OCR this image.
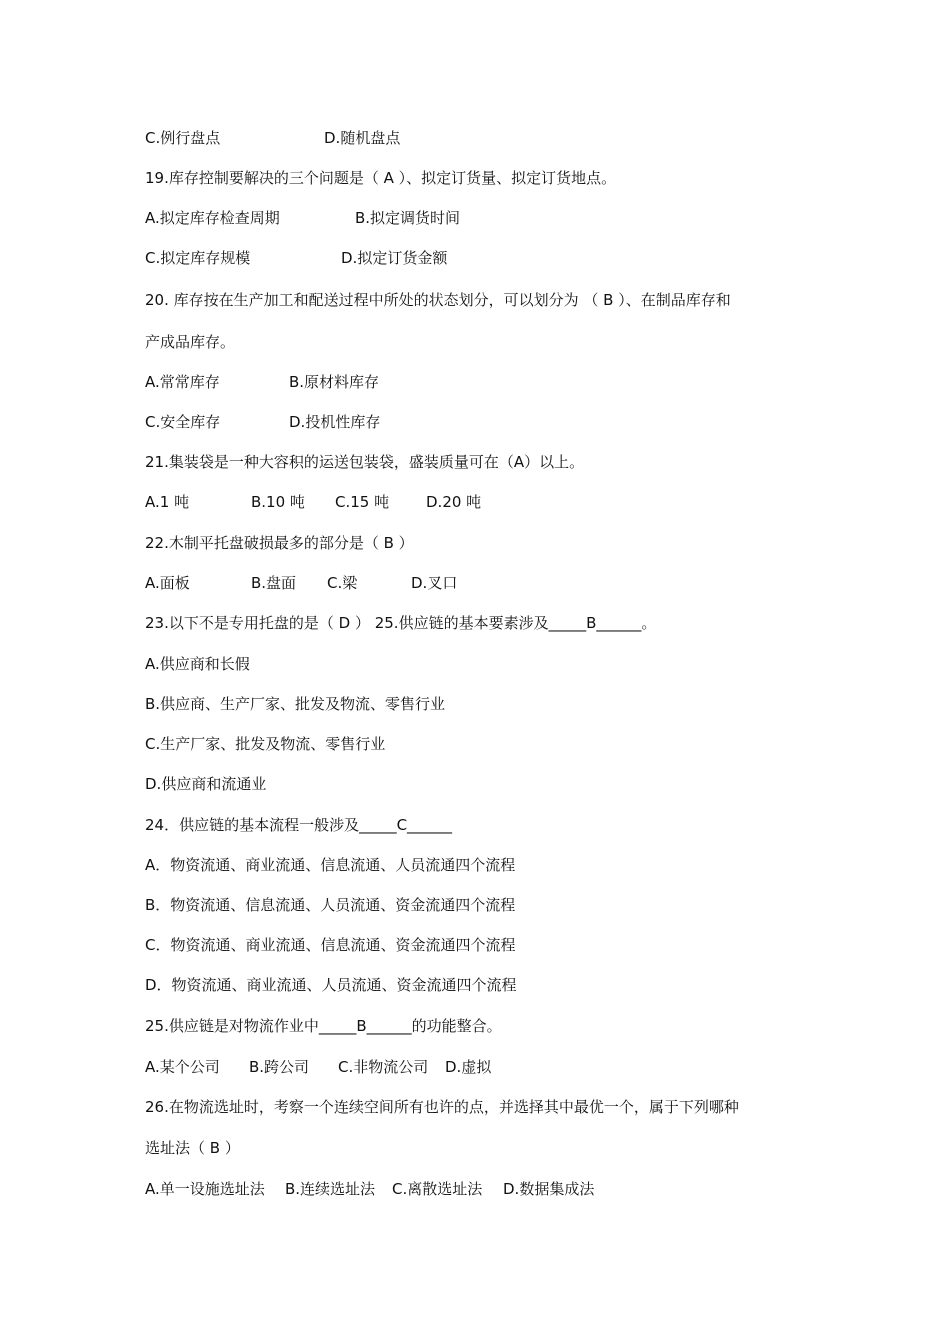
C.例行盘点	D.随机盘点
19.库存控制要解决的三个问题是（ A ）、拟定订货量、拟定订货地点。
A.拟定库存检查周期	B.拟定调货时间
C.拟定库存规模	D.拟定订货金额
20. 库存按在生产加工和配送过程中所处的状态划分，可以划分为 （ B ）、在制品库存和
产成品库存。
A.常常库存	B.原材料库存
C.安全库存	D.投机性库存
21.集装袋是一种大容积的运送包装袋，盛装质量可在（A）以上。
A.1 吨	B.10 吨 C.15 吨 D.20 吨
22.木制平托盘破损最多的部分是（ B ）
A.面板	B.盘面 C.梁	D.叉口
23.以下不是专用托盘的是（ D ） 25.供应链的基本要素涉及_____B______。
A.供应商和长假
B.供应商、生产厂家、批发及物流、零售行业
C.生产厂家、批发及物流、零售行业
D.供应商和流通业
24．供应链的基本流程一般涉及_____C______
A．物资流通、商业流通、信息流通、人员流通四个流程
B．物资流通、信息流通、人员流通、资金流通四个流程
C．物资流通、商业流通、信息流通、资金流通四个流程
D．物资流通、商业流通、人员流通、资金流通四个流程
25.供应链是对物流作业中_____B______的功能整合。
A.某个公司 B.跨公司 C.非物流公司 D.虚拟
26.在物流选址时，考察一个连续空间所有也许的点，并选择其中最优一个，属于下列哪种
选址法（ B ）
A.单一设施选址法 B.连续选址法 C.离散选址法 D.数据集成法
